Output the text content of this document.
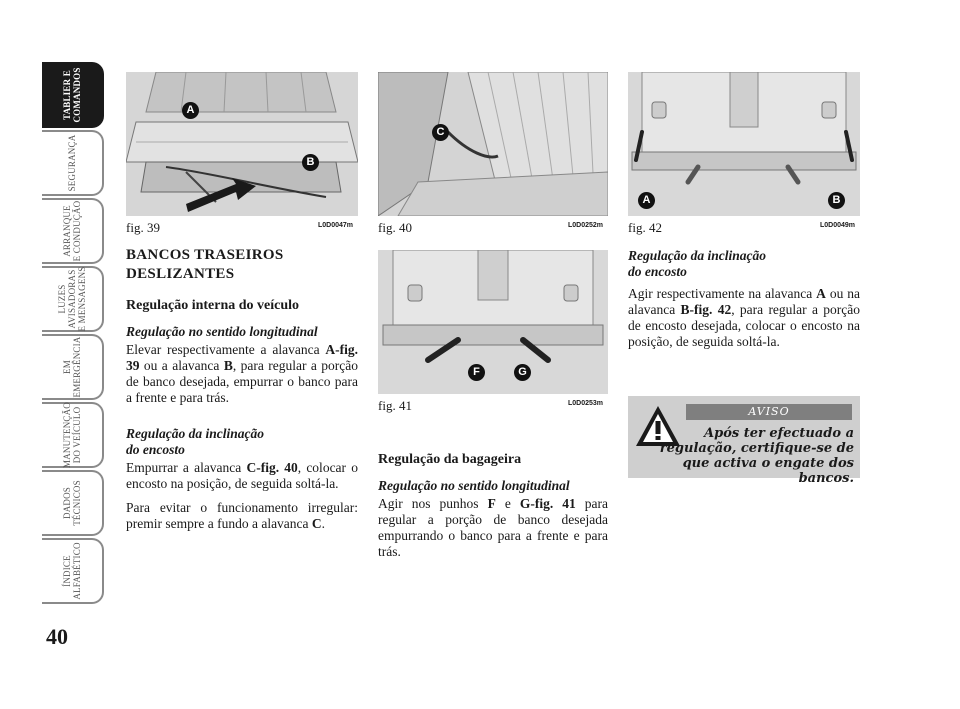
TABLIER E
COMANDOS
SEGURANÇA
ARRANQUE
E CONDUÇÃO
LUZES
AVISADORAS
E MENSAGENS
EM
EMERGÊNCIA
MANUTENÇÃO
DO VEÍCULO
DADOS
TÉCNICOS
ÍNDICE
ALFABÉTICO
40
A
B
fig. 39	L0D0047m
C
fig. 40	L0D0252m
F	G
fig. 41	L0D0253m
A	B
fig. 42	L0D0049m
BANCOS TRASEIROS
DESLIZANTES
Regulação interna do veículo
Regulação no sentido longitudinal

Elevar respectivamente a alavanca A-fig. 39 ou a alavanca B, para regular a porção de banco desejada, empurrar o banco para a frente e para trás.

Regulação da inclinação
do encosto

Empurrar a alavanca C-fig. 40, colocar o encosto na posição, de seguida soltá-la.

Para evitar o funcionamento irregular: premir sempre a fundo a alavanca C.

Regulação da bagageira
Regulação no sentido longitudinal

Agir nos punhos F e G-fig. 41 para regular a porção de banco desejada empurrando o banco para a frente e para trás.

Regulação da inclinação
do encosto

Agir respectivamente na alavanca A ou na alavanca B-fig. 42, para regular a porção de encosto desejada, colocar o encosto na posição, de seguida soltá-la.

AVISO
Após ter efectuado a regulação, certifique-se de que activa o engate dos bancos.
